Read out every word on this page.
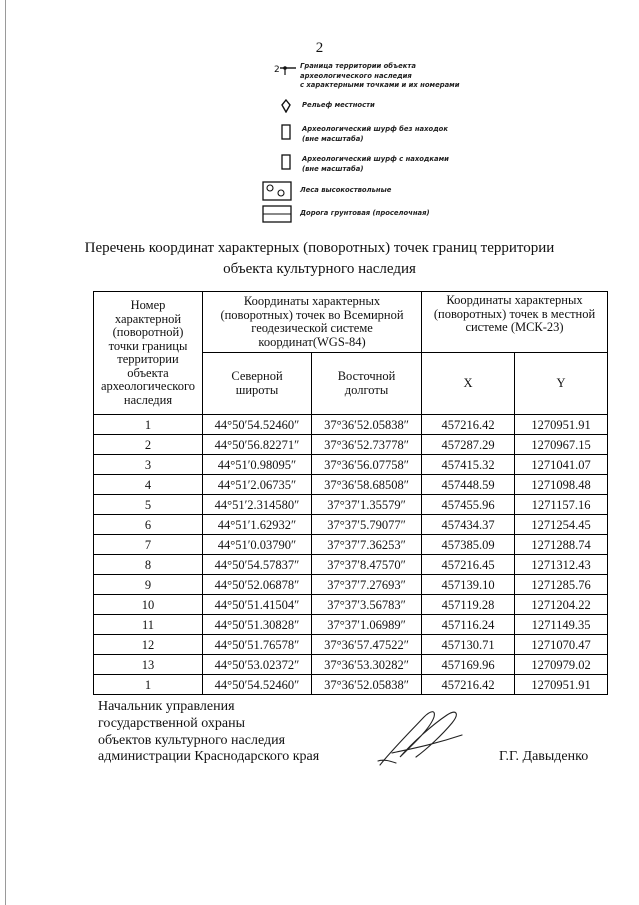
2
2	Граница территории объекта
археологического наследия
с характерными точками и их номерами
Рельеф местности
Археологический шурф без находок
(вне масштаба)
Археологический шурф с находками
(вне масштаба)
Леса высокоствольные
Дорога грунтовая (проселочная)
Перечень координат характерных (поворотных) точек границ территории
объекта культурного наследия
Номер характерной (поворотной) точки границы территории объекта археологического наследия	Координаты характерных (поворотных) точек во Всемирной геодезической системе координат(WGS-84)		Координаты характерных (поворотных) точек в местной системе (МСК-23)	
	Северной широты	Восточной долготы	X	Y
1	44°50′54.52460″	37°36′52.05838″	457216.42	1270951.91
2	44°50′56.82271″	37°36′52.73778″	457287.29	1270967.15
3	44°51′0.98095″	37°36′56.07758″	457415.32	1271041.07
4	44°51′2.06735″	37°36′58.68508″	457448.59	1271098.48
5	44°51′2.314580″	37°37′1.35579″	457455.96	1271157.16
6	44°51′1.62932″	37°37′5.79077″	457434.37	1271254.45
7	44°51′0.03790″	37°37′7.36253″	457385.09	1271288.74
8	44°50′54.57837″	37°37′8.47570″	457216.45	1271312.43
9	44°50′52.06878″	37°37′7.27693″	457139.10	1271285.76
10	44°50′51.41504″	37°37′3.56783″	457119.28	1271204.22
11	44°50′51.30828″	37°37′1.06989″	457116.24	1271149.35
12	44°50′51.76578″	37°36′57.47522″	457130.71	1271070.47
13	44°50′53.02372″	37°36′53.30282″	457169.96	1270979.02
1	44°50′54.52460″	37°36′52.05838″	457216.42	1270951.91
Начальник управления
государственной охраны
объектов культурного наследия
администрации Краснодарского края	Г.Г. Давыденко
